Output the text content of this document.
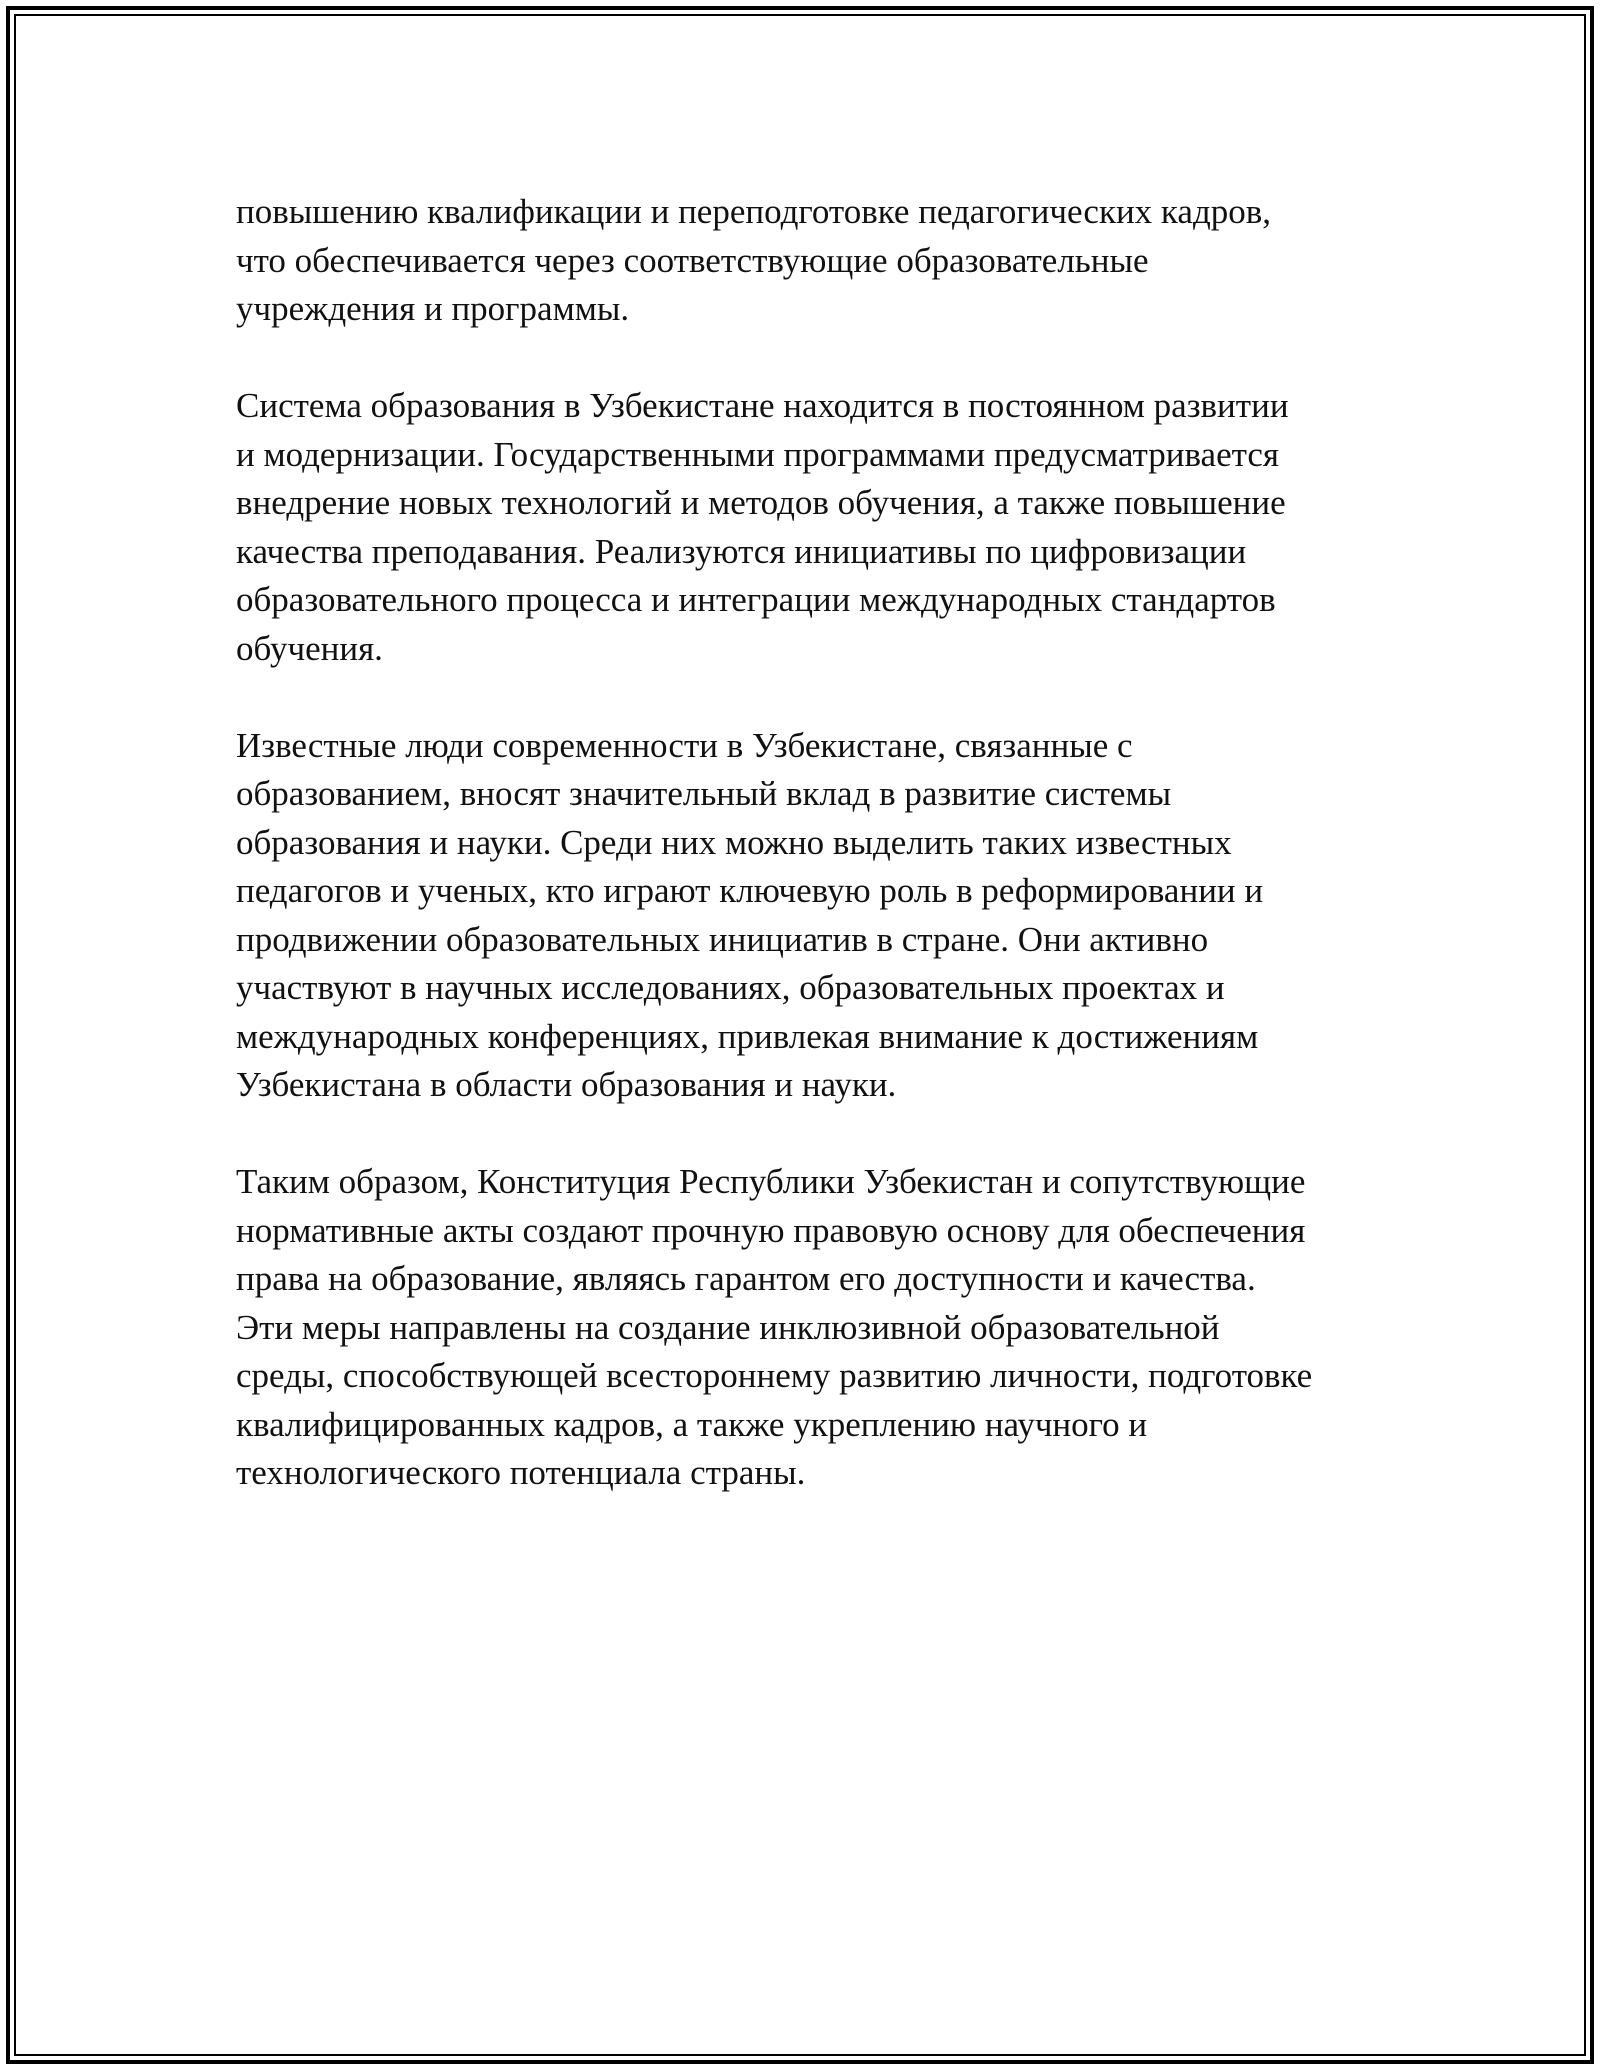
повышению квалификации и переподготовке педагогических кадров,
что обеспечивается через соответствующие образовательные
учреждения и программы.

Система образования в Узбекистане находится в постоянном развитии
и модернизации. Государственными программами предусматривается
внедрение новых технологий и методов обучения, а также повышение
качества преподавания. Реализуются инициативы по цифровизации
образовательного процесса и интеграции международных стандартов
обучения.

Известные люди современности в Узбекистане, связанные с
образованием, вносят значительный вклад в развитие системы
образования и науки. Среди них можно выделить таких известных
педагогов и ученых, кто играют ключевую роль в реформировании и
продвижении образовательных инициатив в стране. Они активно
участвуют в научных исследованиях, образовательных проектах и
международных конференциях, привлекая внимание к достижениям
Узбекистана в области образования и науки.

Таким образом, Конституция Республики Узбекистан и сопутствующие
нормативные акты создают прочную правовую основу для обеспечения
права на образование, являясь гарантом его доступности и качества.
Эти меры направлены на создание инклюзивной образовательной
среды, способствующей всестороннему развитию личности, подготовке
квалифицированных кадров, а также укреплению научного и
технологического потенциала страны.
